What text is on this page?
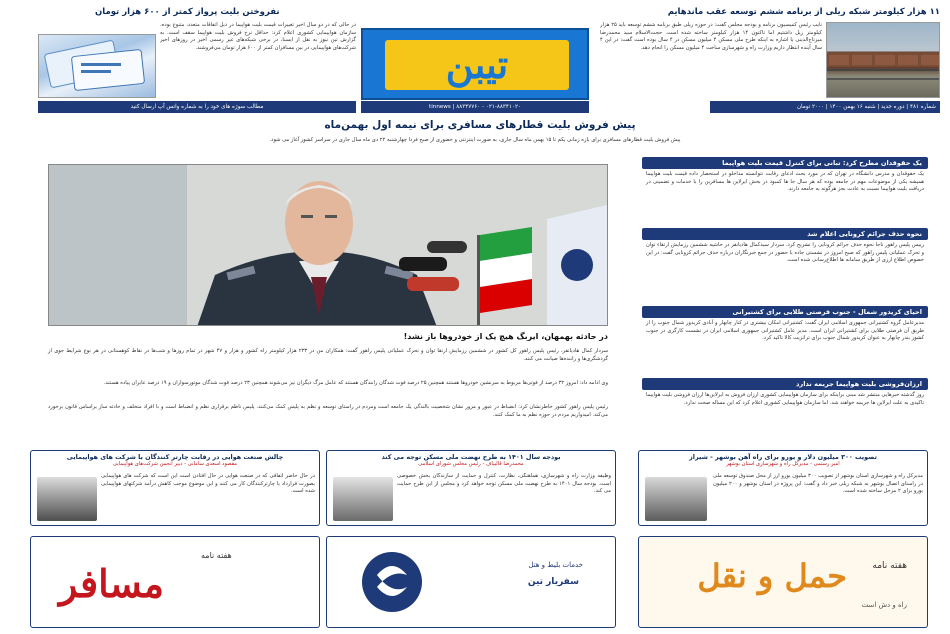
۱۱ هزار کیلومتر شبکه ریلی از برنامه ششم توسعه عقب ماندهایم
نفروختن بلیت پرواز کمتر از ۶۰۰ هزار تومان
نایب رئیس کمیسیون برنامه و بودجه مجلس گفت: در حوزه ریلی طبق برنامه ششم توسعه باید ۲۵ هزار کیلومتر ریل داشتیم اما تاکنون ۱۴ هزار کیلومتر ساخته شده است. حجت‌الاسلام سید محمدرضا میرتاج‌الدینی با اشاره به اینکه طرح ملی مسکن ۴ میلیون مسکن در ۴ سال بوده است گفت: در این ۴ سال آینده انتظار داریم وزارت راه و شهرسازی ساخت ۴ میلیون مسکن را انجام دهد.
تیبن
در حالی که در دو سال اخیر تغییرات قیمت بلیت هواپیما در ذیل اتفاقات متعدد، متنوع بوده، سازمان هواپیمایی کشوری اعلام کرد: حداقل نرخ فروش بلیت هواپیما سقف است. به گزارش تین نیوز به نقل از ایسنا، در برخی شبکه‌های غیر رسمی اخیر در روزهای اخیر شرکت‌های هواپیمایی در بین مسافران کمتر از ۶۰۰ هزار تومان می‌فروشند.
شماره ۴۸۱ | دوره جدید | شنبه ۱۶ بهمن ۱۴۰۰ | ۲۰۰۰ تومان
۰۲۱-۸۸۳۴۱۰۲۰ - ۸۸۳۴۷۷۶۰ | tinnews
مطالب سوژه های خود را به شماره واتس آپ ارسال کنید
پیش فروش بلیت قطارهای مسافری برای نیمه اول بهمن‌ماه
پیش فروش بلیت قطارهای مسافری برای بازه زمانی یکم تا ۱۵ بهمن ماه سال جاری، به صورت اینترنتی و حضوری از صبح فردا چهارشنبه ۲۲ دی ماه سال جاری در سراسر کشور آغاز می شود.
در حادثه بهمهان، ایربگ هیچ یک از خودروها باز نشد!
سردار کمال هادیانفر، رئیس پلیس راهور کل کشور در ششمین رزمایش ارتقا توان و تحرک عملیاتی پلیس راهور گفت: همکاران من در ۲۳۳ هزار کیلومتر راه کشور و هزار و ۴۷ شهر در تمام روزها و شب‌ها در نقاط کوهستانی در هر نوع شرایط جوی از گردشگری‌ها و راننده‌ها صیانت می کنند.
وی ادامه داد: امروز ۳۲ درصد از فوتی‌ها مربوط به سرنشین خودروها هستند همچنین ۲۵ درصد فوت شدگان رانندگان هستند که عامل مرگ دیگران نیز می‌شوند همچنین ۲۳ درصد فوت شدگان موتورسواران و ۱۹ درصد عابران پیاده هستند.
رئیس پلیس راهور کشور خاطرنشان کرد: انضباط در عبور و مرور نشان شخصیت بالندگی یک جامعه است ومردم در راستای توسعه و نظم به پلیس کمک می‌کنند. پلیس ناظم برقراری نظم و انضباط است و با افراد متخلف و حادثه ساز براساس قانون برخورد می‌کند. امیدواریم مردم در حوزه نظم به ما کمک کنند.
یک حقوقدان مطرح کرد: تبانی برای کنترل قیمت بلیت هواپیما
یک حقوقدان و مدرس دانشگاه در تهران که در مورد بحث ادعای رقابت نتوانسته مداخلو در استحصار داده قیمت بلیت هواپیما همیشه یکی از موضوعات مهم در جامعه بوده که هر سال جا ها کمبود در بخش ایرلاین ها مسافرین را با خدمات و تضمینی در دریافت بلیت هواپیما نسبت به عادت بجز هرگونه به جامعه دارند.
نحوه حذف جرائم کرونایی اعلام شد
رییس پلیس راهور ناجا نحوه حذف جرائم کرونایی را تشریح کرد. سردار سیدکمال هادیانفر در حاشیه ششمین رزمایش ارتقاء توان و تحرک عملیاتی پلیس راهور که صبح امروز در نشستی جاده با حضور در جمع خبرنگاران درباره حذف جرائم کرونایی گفت: در این خصوص اطلاع ارزی از طریق سامانه ها اطلاع‌رسانی شده است.
احیای کریدور شمال - جنوب فرصتی طلایی برای کشتیرانی
مدیرعامل گروه کشتیرانی جمهوری اسلامی ایران گفت: کشتیرانی امکان بیشتری در کنار چابهار و آبادی کریدور شمال جنوب را از طریق آن فرصتی طلایی برای کشتیرانی ایران است. مدیر عامل کشتیرانی جمهوری اسلامی ایران در نشست کارگری در جنوب کشور بندر چابهار به عنوان کریدور شمال جنوب برای ترانزیت کالا تاکید کرد.
ارزان‌فروشی بلیت هواپیما جریمه ندارد
روز گذشته خبرهایی منتشر شد مبنی براینکه برای سازمان هواپیمایی کشوری ارزان فروش به ایرلاین‌ها ارزان فروشی بلیت هواپیما تاکیدی به علت ایرلاین ها جریمه خواهند شد. اما سازمان هواپیمایی کشوری اعلام کرد که این مساله صحت ندارد.
تصویب ۳۰۰ میلیون دلار و یورو برای راه آهن بوشهر - شیراز
امیر رستمی - مدیرکل راه و شهرسازی استان بوشهر
مدیرکل راه و شهرسازی استان بوشهر از تصویب ۳۰۰ میلیون یورو ارز از محل صندوق توسعه ملی در راستای اتصال بوشهر به شبکه ریلی خبر داد و گفت: این پروژه در استان بوشهر و ۲۰۰ میلیون یورو برای ۲ مرحل ساخته شده است.
بودجه سال ۱۴۰۱ به طرح نهضت ملی مسکن توجه می کند
محمدرضا قالیباف - رئیس مجلس شورای اسلامی
وظیفه وزارت راه و شهرسازی، هماهنگی، نظارت، کنترل و حمایت از سازندگان بخش خصوصی است. بودجه سال ۱۴۰۱ به طرح نهضت ملی مسکن توجه خواهد کرد و مجلس از این طرح حمایت می کند.
چالش صنعت هوایی در رقابت چارتر کنندگان با شرکت های هواپیمایی
مقصود اسعدی سامانی - دبیر انجمن شرکت‌های هواپیمایی
در حال حاضر اتفاقی که در صنعت هوایی در حال افتادن است این است که شرکت های هواپیمایی بصورت قرارداد با چارترکنندگان کار می کنند و این موضوع موجب کاهش درآمد شرکتهای هواپیمایی شده است.
هفته نامه
حمل و نقل
راه و دش است
خدمات بلیط و هتل
سفریار تین
هفته نامه
مسافر
